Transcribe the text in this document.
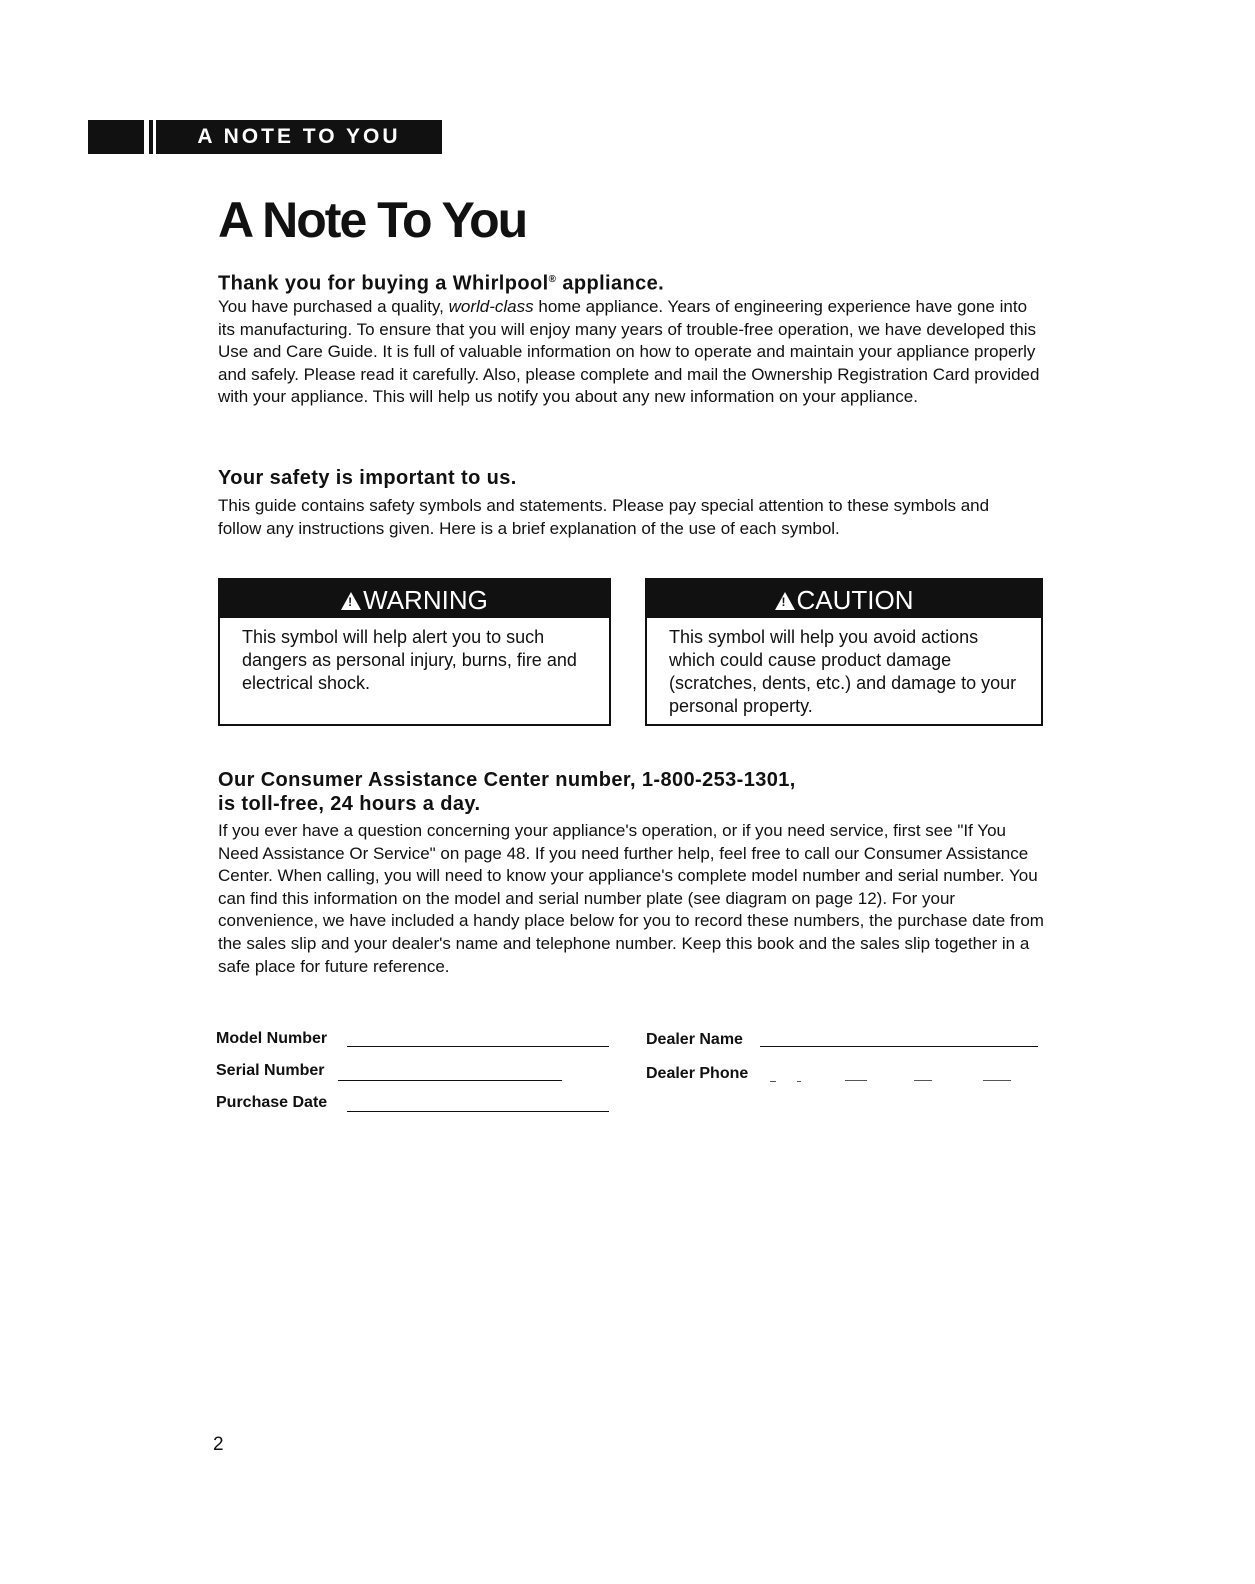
A NOTE TO YOU
A Note To You
Thank you for buying a Whirlpool® appliance.

You have purchased a quality, world-class home appliance. Years of engineering experience have gone into its manufacturing. To ensure that you will enjoy many years of trouble-free operation, we have developed this Use and Care Guide. It is full of valuable information on how to operate and maintain your appliance properly and safely. Please read it carefully. Also, please complete and mail the Ownership Registration Card provided with your appliance. This will help us notify you about any new information on your appliance.

Your safety is important to us.

This guide contains safety symbols and statements. Please pay special attention to these symbols and follow any instructions given. Here is a brief explanation of the use of each symbol.

!WARNING
This symbol will help alert you to such dangers as personal injury, burns, fire and electrical shock.
!CAUTION
This symbol will help you avoid actions which could cause product damage (scratches, dents, etc.) and damage to your personal property.
Our Consumer Assistance Center number, 1-800-253-1301,
is toll-free, 24 hours a day.

If you ever have a question concerning your appliance's operation, or if you need service, first see "If You Need Assistance Or Service" on page 48. If you need further help, feel free to call our Consumer Assistance Center. When calling, you will need to know your appliance's complete model number and serial number. You can find this information on the model and serial number plate (see diagram on page 12). For your convenience, we have included a handy place below for you to record these numbers, the purchase date from the sales slip and your dealer's name and telephone number. Keep this book and the sales slip together in a safe place for future reference.

Model Number
Serial Number
Purchase Date
Dealer Name
Dealer Phone
2
